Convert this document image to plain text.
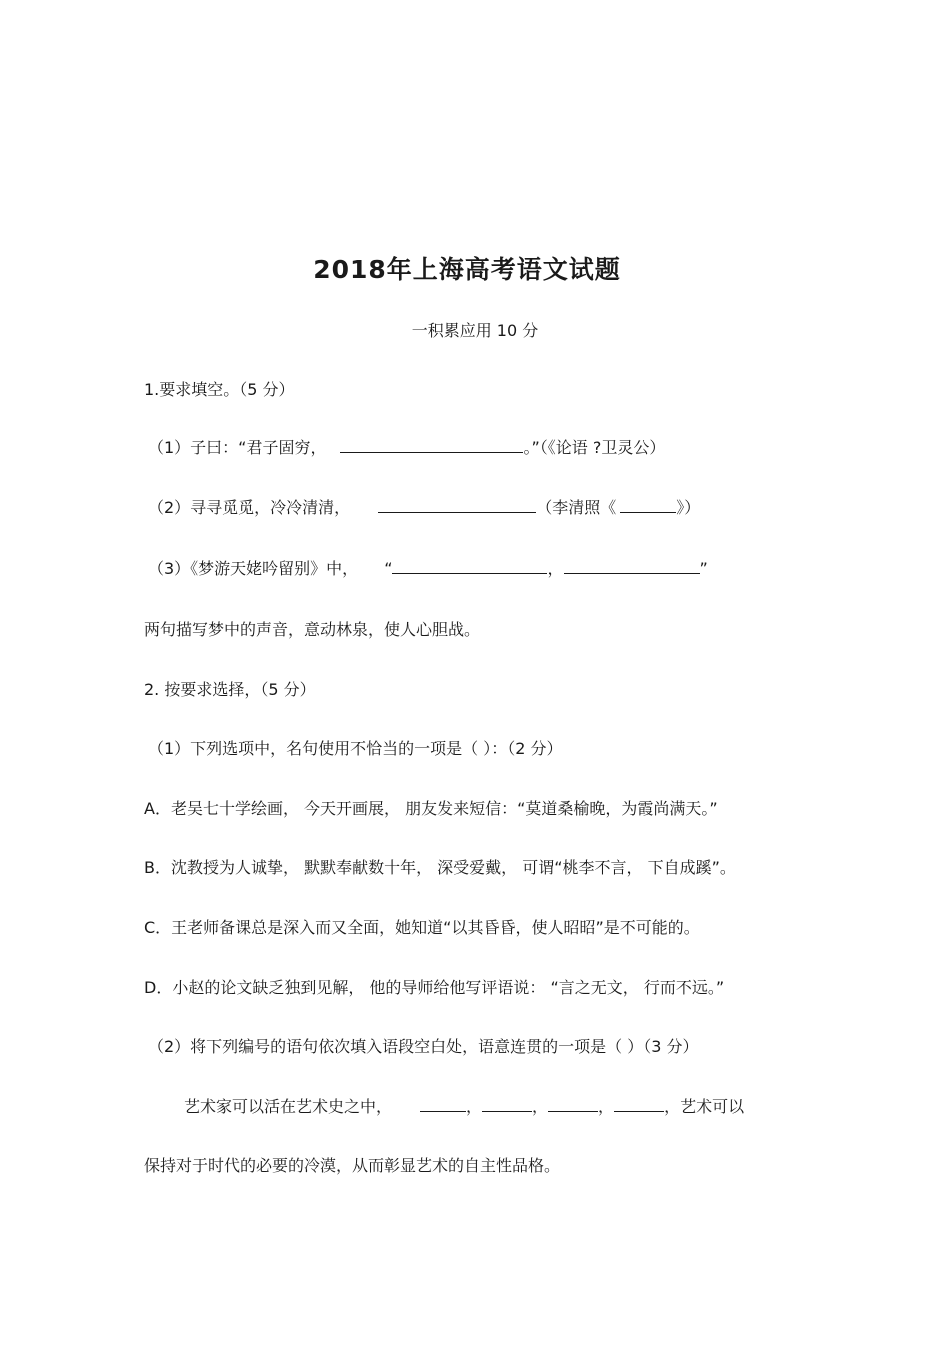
2018年上海高考语文试题
一积累应用 10 分
1.要求填空。（5 分）
（1）子曰：“君子固穷，	。”（《论语 ?卫灵公）
（2）寻寻觅觅，冷冷清清，	（李清照《	》）
（3）《梦游天姥吟留别》中， “	，	”
两句描写梦中的声音，意动林泉，使人心胆战。
2. 按要求选择，（5 分）
（1）下列选项中，名句使用不恰当的一项是（ ）：（2 分）
A．老吴七十学绘画， 今天开画展， 朋友发来短信：“莫道桑榆晚，为霞尚满天。”
B．沈教授为人诚挚， 默默奉献数十年， 深受爱戴， 可谓“桃李不言， 下自成蹊”。
C．王老师备课总是深入而又全面，她知道“以其昏昏，使人昭昭”是不可能的。
D．小赵的论文缺乏独到见解， 他的导师给他写评语说： “言之无文， 行而不远。”
（2）将下列编号的语句依次填入语段空白处，语意连贯的一项是（ ）（3 分）
艺术家可以活在艺术史之中，	，	，	，	，艺术可以
保持对于时代的必要的冷漠，从而彰显艺术的自主性品格。
